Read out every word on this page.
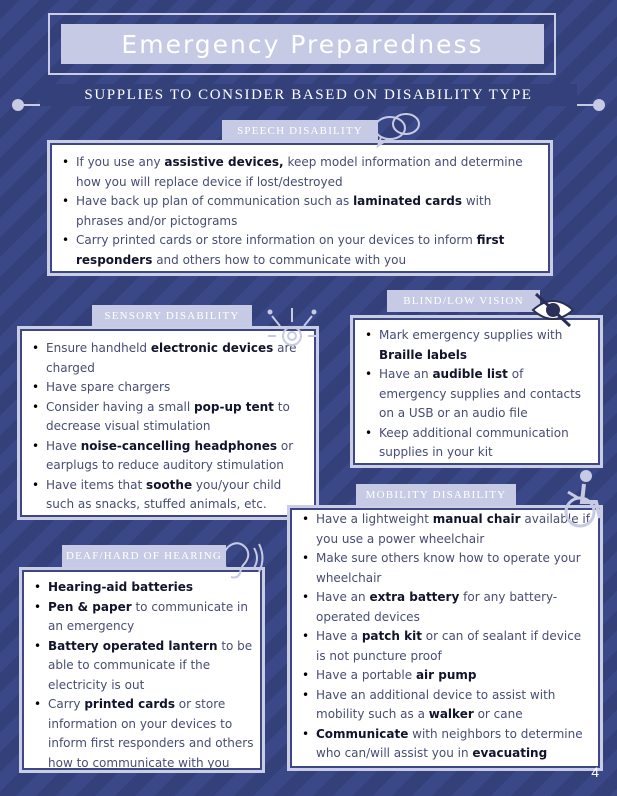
Emergency Preparedness
SUPPLIES TO CONSIDER BASED ON DISABILITY TYPE
• If you use any assistive devices, keep model information and determine how you will replace device if lost/destroyed
• Have back up plan of communication such as laminated cards with phrases and/or pictograms
• Carry printed cards or store information on your devices to inform first responders and others how to communicate with you
SPEECH DISABILITY
• Ensure handheld electronic devices are charged
• Have spare chargers
• Consider having a small pop-up tent to decrease visual stimulation
• Have noise-cancelling headphones or earplugs to reduce auditory stimulation
• Have items that soothe you/your child such as snacks, stuffed animals, etc.
SENSORY DISABILITY
• Mark emergency supplies with Braille labels
• Have an audible list of emergency supplies and contacts on a USB or an audio file
• Keep additional communication supplies in your kit
BLIND/LOW VISION
• Hearing-aid batteries
• Pen & paper to communicate in an emergency
• Battery operated lantern to be able to communicate if the electricity is out
• Carry printed cards or store information on your devices to inform first responders and others how to communicate with you
DEAF/HARD OF HEARING
• Have a lightweight manual chair available if you use a power wheelchair
• Make sure others know how to operate your wheelchair
• Have an extra battery for any battery-operated devices
• Have a patch kit or can of sealant if device is not puncture proof
• Have a portable air pump
• Have an additional device to assist with mobility such as a walker or cane
• Communicate with neighbors to determine who can/will assist you in evacuating
MOBILITY DISABILITY
4
